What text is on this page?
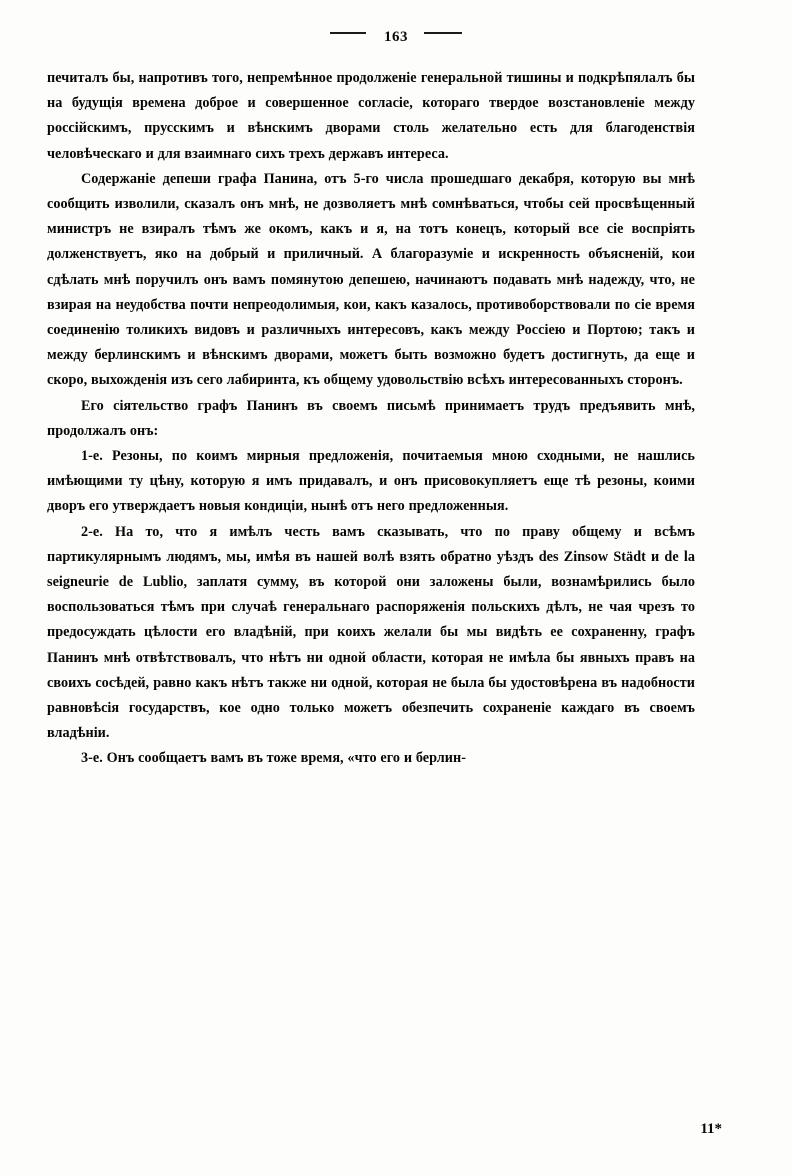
163

печиталъ бы, напротивъ того, непремѣнное продолженіе генеральной тишины и подкрѣпялалъ бы на будущія времена доброе и совершенное согласіе, котораго твердое возстановленіе между россійскимъ, прусскимъ и вѣнскимъ дворами столь желательно есть для благоденствія человѣческаго и для взаимнаго сихъ трехъ державъ интереса.

Содержаніе депеши графа Панина, отъ 5-го числа прошедшаго декабря, которую вы мнѣ сообщить изволили, сказалъ онъ мнѣ, не дозволяетъ мнѣ сомнѣваться, чтобы сей просвѣщенный министръ не взиралъ тѣмъ же окомъ, какъ и я, на тотъ конецъ, который все сіе воспріять долженствуетъ, яко на добрый и приличный. А благоразуміе и искренность объясненій, кои сдѣлать мнѣ поручилъ онъ вамъ помянутою депешею, начинаютъ подавать мнѣ надежду, что, не взирая на неудобства почти непреодолимыя, кои, какъ казалось, противоборствовали по сіе время соединенію толикихъ видовъ и различныхъ интересовъ, какъ между Россіею и Портою; такъ и между берлинскимъ и вѣнскимъ дворами, можетъ быть возможно будетъ достигнуть, да еще и скоро, выхожденія изъ сего лабиринта, къ общему удовольствію всѣхъ интересованныхъ сторонъ.

Его сіятельство графъ Панинъ въ своемъ письмѣ принимаетъ трудъ предъявить мнѣ, продолжалъ онъ:

1-е. Резоны, по коимъ мирныя предложенія, почитаемыя мною сходными, не нашлись имѣющими ту цѣну, которую я имъ придавалъ, и онъ присовокупляетъ еще тѣ резоны, коими дворъ его утверждаетъ новыя кондиціи, нынѣ отъ него предложенныя.

2-е. На то, что я имѣлъ честь вамъ сказывать, что по праву общему и всѣмъ партикулярнымъ людямъ, мы, имѣя въ нашей волѣ взять обратно уѣздъ des Zinsow Städt и de la seigneurie de Lublio, заплатя сумму, въ которой они заложены были, вознамѣрились было воспользоваться тѣмъ при случаѣ генеральнаго распоряженія польскихъ дѣлъ, не чая чрезъ то предосуждать цѣлости его владѣній, при коихъ желали бы мы видѣть ее сохраненну, графъ Панинъ мнѣ отвѣтствовалъ, что нѣтъ ни одной области, которая не имѣла бы явныхъ правъ на своихъ сосѣдей, равно какъ нѣтъ также ни одной, которая не была бы удостовѣрена въ надобности равновѣсія государствъ, кое одно только можетъ обезпечить сохраненіе каждаго въ своемъ владѣніи.

3-е. Онъ сообщаетъ вамъ въ тоже время, «что его и берлин-

11*
